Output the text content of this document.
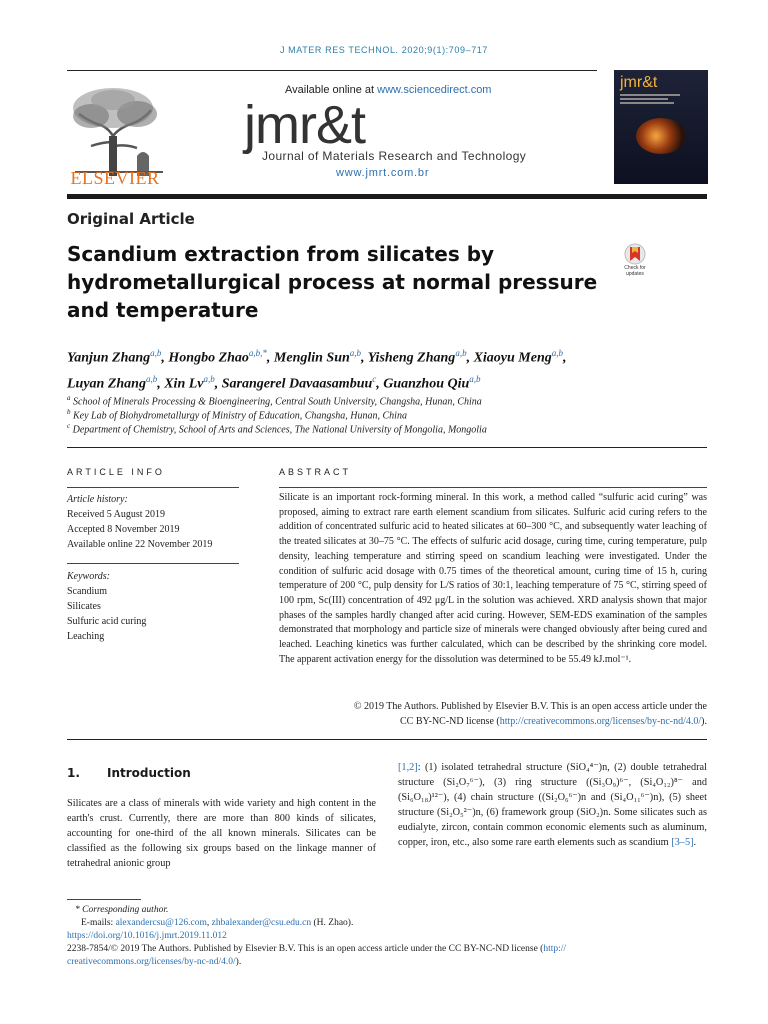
J MATER RES TECHNOL. 2020;9(1):709–717
ELSEVIER
Available online at www.sciencedirect.com
jmr&t
Journal of Materials Research and Technology
www.jmrt.com.br
jmr&t
Original Article
Scandium extraction from silicates by hydrometallurgical process at normal pressure and temperature
Check for updates
Yanjun Zhang$^{a,b}$, Hongbo Zhao$^{a,b,*}$, Menglin Sun$^{a,b}$, Yisheng Zhang$^{a,b}$, Xiaoyu Meng$^{a,b}$,
Luyan Zhang$^{a,b}$, Xin Lv$^{a,b}$, Sarangerel Davaasambuu$^c$, Guanzhou Qiu$^{a,b}$
$^a$ School of Minerals Processing & Bioengineering, Central South University, Changsha, Hunan, China
$^b$ Key Lab of Biohydrometallurgy of Ministry of Education, Changsha, Hunan, China
$^c$ Department of Chemistry, School of Arts and Sciences, The National University of Mongolia, Mongolia
ARTICLE INFO
Article history:
Received 5 August 2019
Accepted 8 November 2019
Available online 22 November 2019
Keywords:
Scandium
Silicates
Sulfuric acid curing
Leaching
ABSTRACT
Silicate is an important rock-forming mineral. In this work, a method called “sulfuric acid curing” was proposed, aiming to extract rare earth element scandium from silicates. Sulfuric acid curing refers to the addition of concentrated sulfuric acid to heated silicates at 60–300 °C, and subsequently water leaching of the treated silicates at 30–75 °C. The effects of sulfuric acid dosage, curing time, curing temperature, pulp density, leaching temperature and stirring speed on scandium leaching were investigated. Under the condition of sulfuric acid dosage with 0.75 times of the theoretical amount, curing time of 15 h, curing temperature of 200 °C, pulp density for L/S ratios of 30:1, leaching temperature of 75 °C, stirring speed of 100 rpm, Sc(III) concentration of 492 μg/L in the solution was achieved. XRD analysis shown that major phases of the samples hardly changed after acid curing. However, SEM-EDS examination of the samples demonstrated that morphology and particle size of minerals were changed obviously after being cured and leached. Leaching kinetics was further calculated, which can be described by the shrinking core model. The apparent activation energy for the dissolution was determined to be 55.49 kJ.mol⁻¹.
© 2019 The Authors. Published by Elsevier B.V. This is an open access article under the
CC BY-NC-ND license (http://creativecommons.org/licenses/by-nc-nd/4.0/).
1. Introduction
Silicates are a class of minerals with wide variety and high content in the earth's crust. Currently, there are more than 800 kinds of silicates, accounting for one-third of the all known minerals. Silicates can be classified as the following six groups based on the linkage manner of tetrahedral anionic group
[1,2]: (1) isolated tetrahedral structure (SiO₄⁴⁻)n, (2) double tetrahedral structure (Si₂O₇⁶⁻), (3) ring structure ((Si₃O₉)⁶⁻, (Si₄O₁₂)⁸⁻ and (Si₆O₁₈)¹²⁻), (4) chain structure ((Si₂O₆⁶⁻)n and (Si₄O₁₁⁶⁻)n), (5) sheet structure (Si₂O₅²⁻)n, (6) framework group (SiO₂)n. Some silicates such as eudialyte, zircon, contain common economic elements such as aluminum, copper, iron, etc., also some rare earth elements such as scandium [3–5].
* Corresponding author.
E-mails: alexandercsu@126.com, zhbalexander@csu.edu.cn (H. Zhao).
https://doi.org/10.1016/j.jmrt.2019.11.012
2238-7854/© 2019 The Authors. Published by Elsevier B.V. This is an open access article under the CC BY-NC-ND license (http://
creativecommons.org/licenses/by-nc-nd/4.0/).
